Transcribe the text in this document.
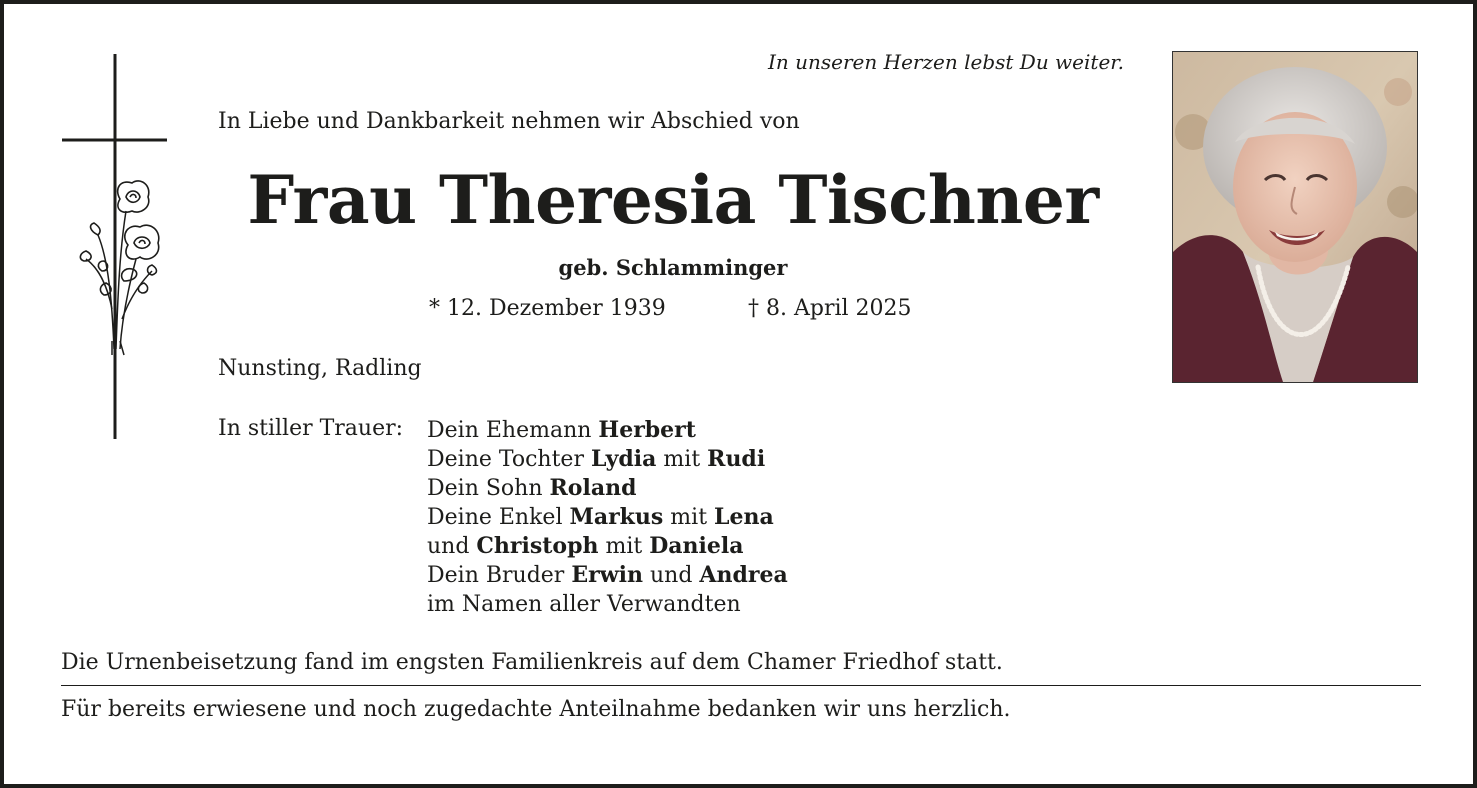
In unseren Herzen lebst Du weiter.
In Liebe und Dankbarkeit nehmen wir Abschied von
Frau Theresia Tischner
geb. Schlamminger
* 12. Dezember 1939	† 8. April 2025
Nunsting, Radling
In stiller Trauer: Dein Ehemann Herbert
Deine Tochter Lydia mit Rudi
Dein Sohn Roland
Deine Enkel Markus mit Lena
und Christoph mit Daniela
Dein Bruder Erwin und Andrea
im Namen aller Verwandten
Die Urnenbeisetzung fand im engsten Familienkreis auf dem Chamer Friedhof statt.
Für bereits erwiesene und noch zugedachte Anteilnahme bedanken wir uns herzlich.
